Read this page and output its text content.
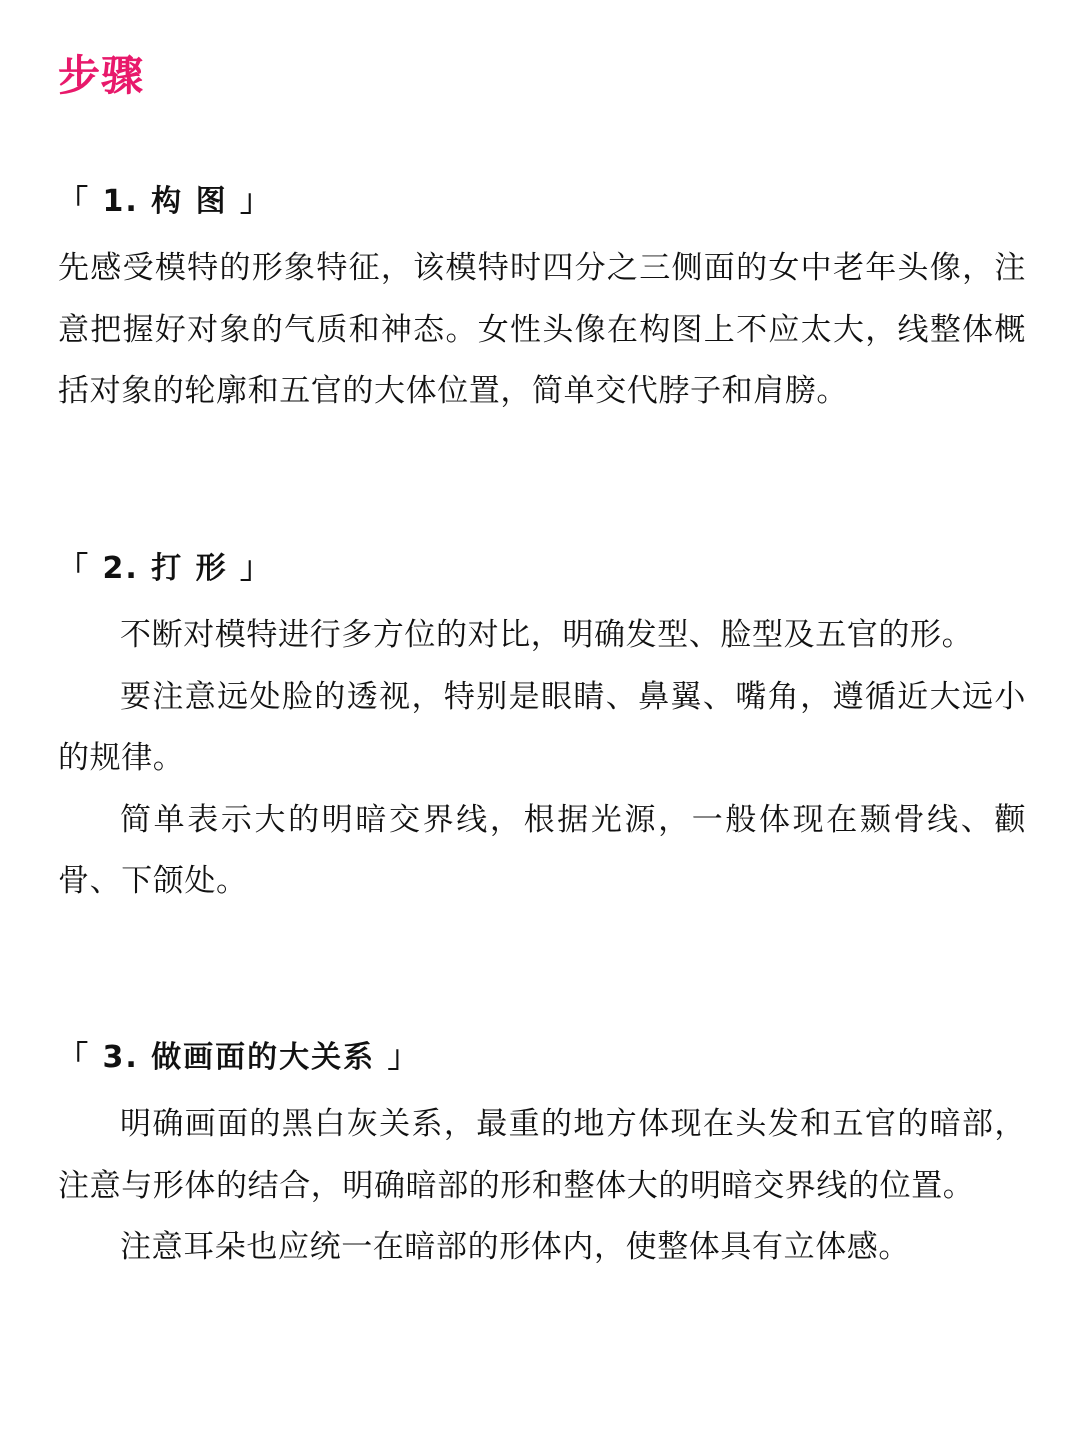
步骤
「 1. 构 图 」

先感受模特的形象特征，该模特时四分之三侧面的女中老年头像，注意把握好对象的气质和神态。女性头像在构图上不应太大，线整体概括对象的轮廓和五官的大体位置，简单交代脖子和肩膀。

「 2. 打 形 」

不断对模特进行多方位的对比，明确发型、脸型及五官的形。

要注意远处脸的透视，特别是眼睛、鼻翼、嘴角，遵循近大远小的规律。

简单表示大的明暗交界线，根据光源，一般体现在颞骨线、颧骨、下颌处。

「 3. 做画面的大关系 」

明确画面的黑白灰关系，最重的地方体现在头发和五官的暗部，注意与形体的结合，明确暗部的形和整体大的明暗交界线的位置。

注意耳朵也应统一在暗部的形体内，使整体具有立体感。
